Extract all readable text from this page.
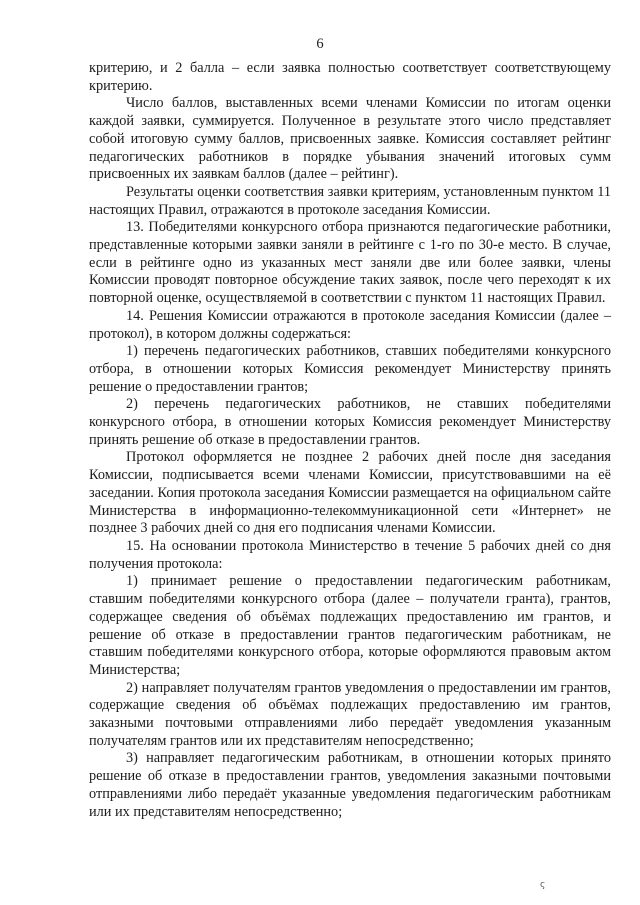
6

критерию, и 2 балла – если заявка полностью соответствует соответствующему критерию.

Число баллов, выставленных всеми членами Комиссии по итогам оценки каждой заявки, суммируется. Полученное в результате этого число представляет собой итоговую сумму баллов, присвоенных заявке. Комиссия составляет рейтинг педагогических работников в порядке убывания значений итоговых сумм присвоенных их заявкам баллов (далее – рейтинг).

Результаты оценки соответствия заявки критериям, установленным пунктом 11 настоящих Правил, отражаются в протоколе заседания Комиссии.

13. Победителями конкурсного отбора признаются педагогические работники, представленные которыми заявки заняли в рейтинге с 1-го по 30-е место. В случае, если в рейтинге одно из указанных мест заняли две или более заявки, члены Комиссии проводят повторное обсуждение таких заявок, после чего переходят к их повторной оценке, осуществляемой в соответствии с пунктом 11 настоящих Правил.

14. Решения Комиссии отражаются в протоколе заседания Комиссии (далее – протокол), в котором должны содержаться:

1) перечень педагогических работников, ставших победителями конкурсного отбора, в отношении которых Комиссия рекомендует Министерству принять решение о предоставлении грантов;

2) перечень педагогических работников, не ставших победителями конкурсного отбора, в отношении которых Комиссия рекомендует Министерству принять решение об отказе в предоставлении грантов.

Протокол оформляется не позднее 2 рабочих дней после дня заседания Комиссии, подписывается всеми членами Комиссии, присутствовавшими на её заседании. Копия протокола заседания Комиссии размещается на официальном сайте Министерства в информационно-телекоммуникационной сети «Интернет» не позднее 3 рабочих дней со дня его подписания членами Комиссии.

15. На основании протокола Министерство в течение 5 рабочих дней со дня получения протокола:

1) принимает решение о предоставлении педагогическим работникам, ставшим победителями конкурсного отбора (далее – получатели гранта), грантов, содержащее сведения об объёмах подлежащих предоставлению им грантов, и решение об отказе в предоставлении грантов педагогическим работникам, не ставшим победителями конкурсного отбора, которые оформляются правовым актом Министерства;

2) направляет получателям грантов уведомления о предоставлении им грантов, содержащие сведения об объёмах подлежащих предоставлению им грантов, заказными почтовыми отправлениями либо передаёт уведомления указанным получателям грантов или их представителям непосредственно;

3) направляет педагогическим работникам, в отношении которых принято решение об отказе в предоставлении грантов, уведомления заказными почтовыми отправлениями либо передаёт указанные уведомления педагогическим работникам или их представителям непосредственно;

ς
